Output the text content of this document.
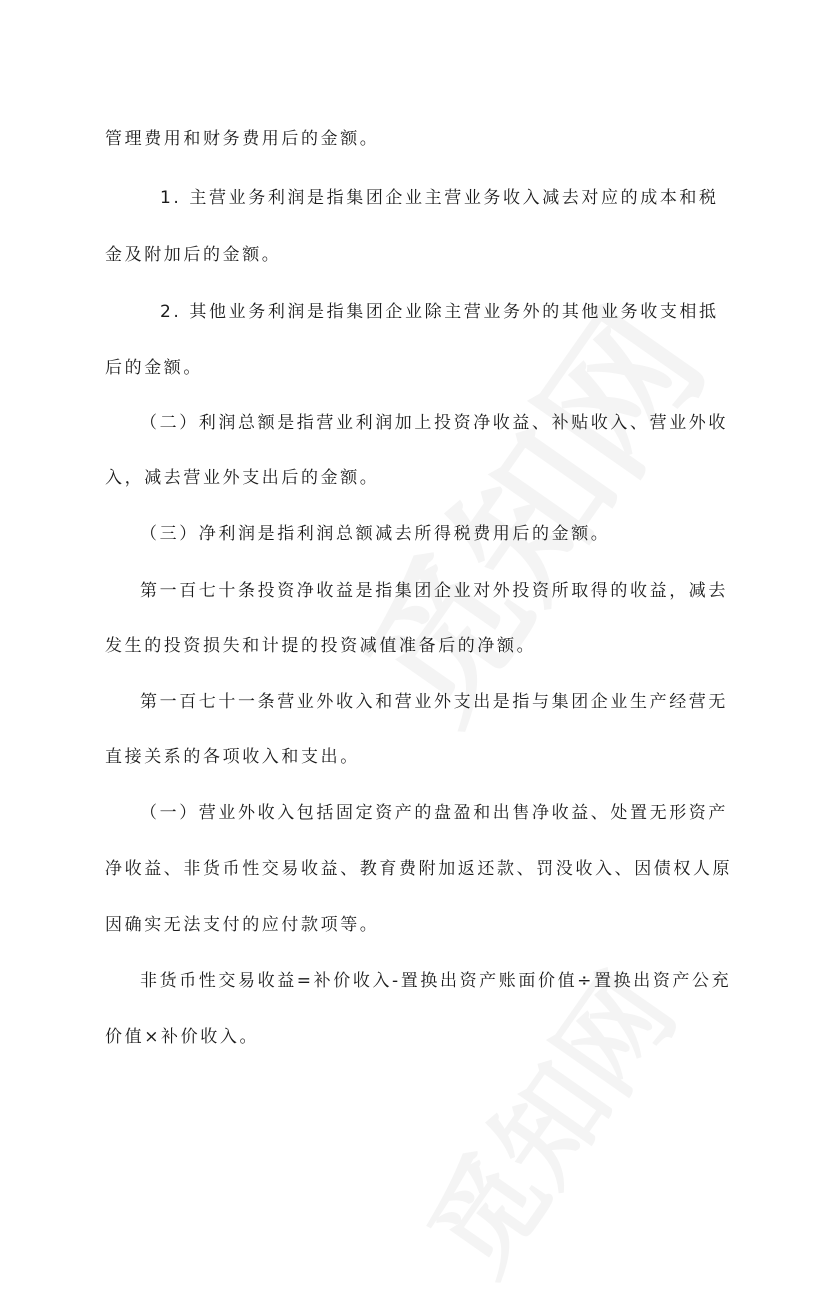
管理费用和财务费用后的金额。
1. 主营业务利润是指集团企业主营业务收入减去对应的成本和税
金及附加后的金额。
2. 其他业务利润是指集团企业除主营业务外的其他业务收支相抵
后的金额。
（二）利润总额是指营业利润加上投资净收益、补贴收入、营业外收
入，减去营业外支出后的金额。
（三）净利润是指利润总额减去所得税费用后的金额。
第一百七十条投资净收益是指集团企业对外投资所取得的收益，减去
发生的投资损失和计提的投资减值准备后的净额。
第一百七十一条营业外收入和营业外支出是指与集团企业生产经营无
直接关系的各项收入和支出。
（一）营业外收入包括固定资产的盘盈和出售净收益、处置无形资产
净收益、非货币性交易收益、教育费附加返还款、罚没收入、因债权人原
因确实无法支付的应付款项等。
非货币性交易收益=补价收入-置换出资产账面价值÷置换出资产公充
价值×补价收入。
